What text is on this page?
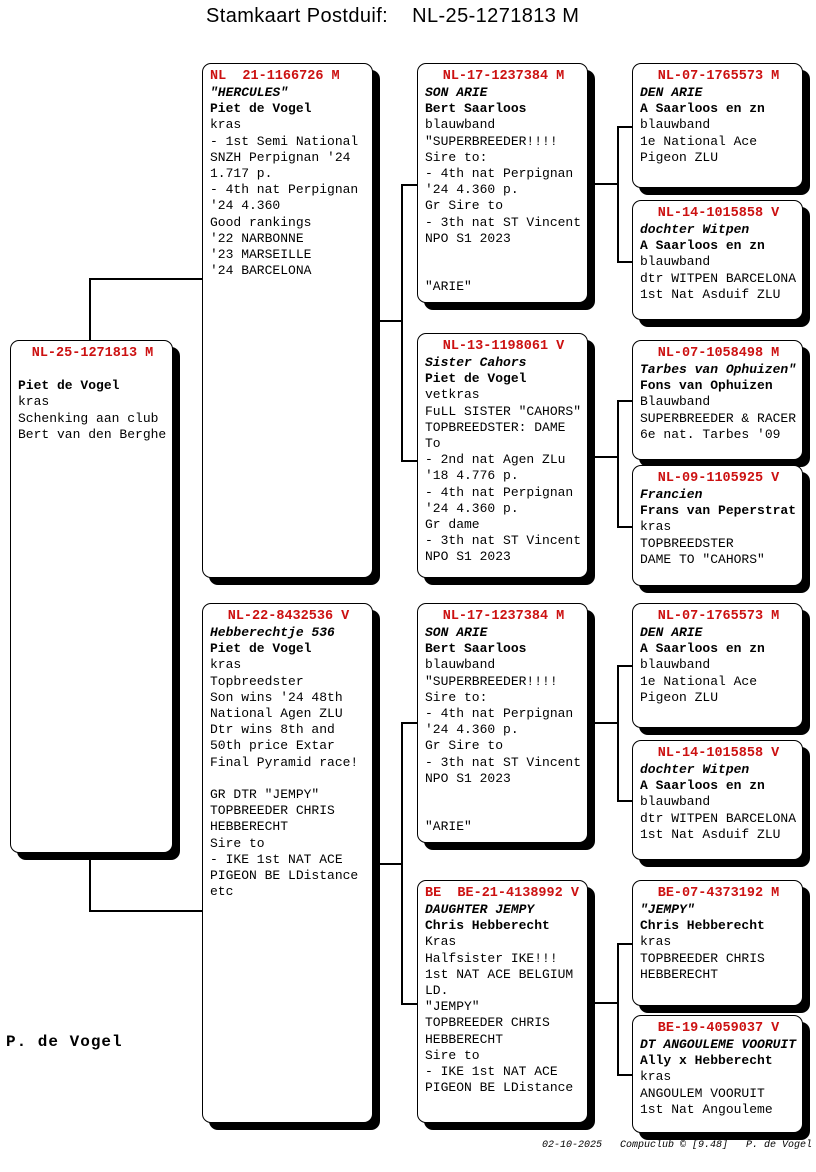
Stamkaart Postduif: NL-25-1271813 M
NL-25-1271813 M

Piet de Vogel
kras
Schenking aan club
Bert van den Berghe
NL  21-1166726 M
"HERCULES"
Piet de Vogel
kras
- 1st Semi National
SNZH Perpignan '24
1.717 p.
- 4th nat Perpignan
'24 4.360
Good rankings
'22 NARBONNE
'23 MARSEILLE
'24 BARCELONA
NL-22-8432536 V
Hebberechtje 536
Piet de Vogel
kras
Topbreedster
Son wins '24 48th
National Agen ZLU
Dtr wins 8th and
50th price Extar
Final Pyramid race!

GR DTR "JEMPY"
TOPBREEDER CHRIS
HEBBERECHT
Sire to
- IKE 1st NAT ACE
PIGEON BE LDistance
etc
NL-17-1237384 M
SON ARIE
Bert Saarloos
blauwband
"SUPERBREEDER!!!!
Sire to:
- 4th nat Perpignan
'24 4.360 p.
Gr Sire to
- 3th nat ST Vincent
NPO S1 2023

"ARIE"
NL-13-1198061 V
Sister Cahors
Piet de Vogel
vetkras
FuLL SISTER "CAHORS"
TOPBREEDSTER: DAME
To
- 2nd nat Agen ZLu
'18 4.776 p.
- 4th nat Perpignan
'24 4.360 p.
Gr dame
- 3th nat ST Vincent
NPO S1 2023
NL-17-1237384 M
SON ARIE
Bert Saarloos
blauwband
"SUPERBREEDER!!!!
Sire to:
- 4th nat Perpignan
'24 4.360 p.
Gr Sire to
- 3th nat ST Vincent
NPO S1 2023

"ARIE"
BE  BE-21-4138992 V
DAUGHTER JEMPY
Chris Hebberecht
Kras
Halfsister IKE!!!
1st NAT ACE BELGIUM
LD.
"JEMPY"
TOPBREEDER CHRIS
HEBBERECHT
Sire to
- IKE 1st NAT ACE
PIGEON BE LDistance
NL-07-1765573 M
DEN ARIE
A Saarloos en zn
blauwband
1e National Ace
Pigeon ZLU
NL-14-1015858 V
dochter Witpen
A Saarloos en zn
blauwband
dtr WITPEN BARCELONA
1st Nat Asduif ZLU
NL-07-1058498 M
Tarbes van Ophuizen"
Fons van Ophuizen
Blauwband
SUPERBREEDER & RACER
6e nat. Tarbes '09
NL-09-1105925 V
Francien
Frans van Peperstrat
kras
TOPBREEDSTER
DAME TO "CAHORS"
NL-07-1765573 M
DEN ARIE
A Saarloos en zn
blauwband
1e National Ace
Pigeon ZLU
NL-14-1015858 V
dochter Witpen
A Saarloos en zn
blauwband
dtr WITPEN BARCELONA
1st Nat Asduif ZLU
BE-07-4373192 M
"JEMPY"
Chris Hebberecht
kras
TOPBREEDER CHRIS
HEBBERECHT
BE-19-4059037 V
DT ANGOULEME VOORUIT
Ally x Hebberecht
kras
ANGOULEM VOORUIT
1st Nat Angouleme
P. de Vogel
02-10-2025   Compuclub © [9.48]   P. de Vogel
